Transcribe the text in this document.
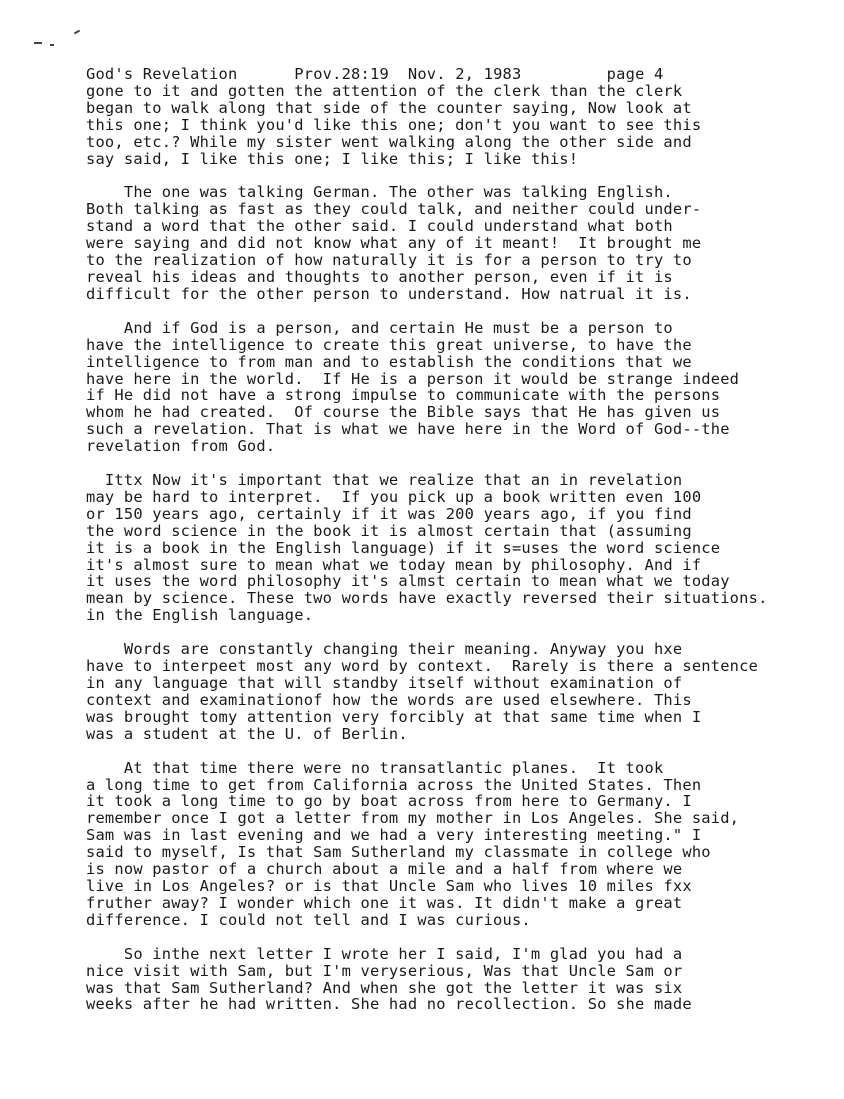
God's Revelation	Prov.28:19 Nov. 2, 1983	page 4
gone to it and gotten the attention of the clerk than the clerk
began to walk along that side of the counter saying, Now look at
this one; I think you'd like this one; don't you want to see this
too, etc.? While my sister went walking along the other side and
say said, I like this one; I like this; I like this!
The one was talking German. The other was talking English.
Both talking as fast as they could talk, and neither could under-
stand a word that the other said. I could understand what both
were saying and did not know what any of it meant!  It brought me
to the realization of how naturally it is for a person to try to
reveal his ideas and thoughts to another person, even if it is
difficult for the other person to understand. How natrual it is.
And if God is a person, and certain He must be a person to
have the intelligence to create this great universe, to have the
intelligence to from man and to establish the conditions that we
have here in the world.  If He is a person it would be strange indeed
if He did not have a strong impulse to communicate with the persons
whom he had created.  Of course the Bible says that He has given us
such a revelation. That is what we have here in the Word of God--the
revelation from God.
Ittx Now it's important that we realize that an in revelation
may be hard to interpret.  If you pick up a book written even 100
or 150 years ago, certainly if it was 200 years ago, if you find
the word science in the book it is almost certain that (assuming
it is a book in the English language) if it s=uses the word science
it's almost sure to mean what we today mean by philosophy. And if
it uses the word philosophy it's almst certain to mean what we today
mean by science. These two words have exactly reversed their situations.
in the English language.
Words are constantly changing their meaning. Anyway you hxe
have to interpeet most any word by context.  Rarely is there a sentence
in any language that will standby itself without examination of
context and examinationof how the words are used elsewhere. This
was brought tomy attention very forcibly at that same time when I
was a student at the U. of Berlin.
At that time there were no transatlantic planes.  It took
a long time to get from California across the United States. Then
it took a long time to go by boat across from here to Germany. I
remember once I got a letter from my mother in Los Angeles. She said,
Sam was in last evening and we had a very interesting meeting." I
said to myself, Is that Sam Sutherland my classmate in college who
is now pastor of a church about a mile and a half from where we
live in Los Angeles? or is that Uncle Sam who lives 10 miles fxx
fruther away? I wonder which one it was. It didn't make a great
difference. I could not tell and I was curious.
So inthe next letter I wrote her I said, I'm glad you had a
nice visit with Sam, but I'm veryserious, Was that Uncle Sam or
was that Sam Sutherland? And when she got the letter it was six
weeks after he had written. She had no recollection. So she made
